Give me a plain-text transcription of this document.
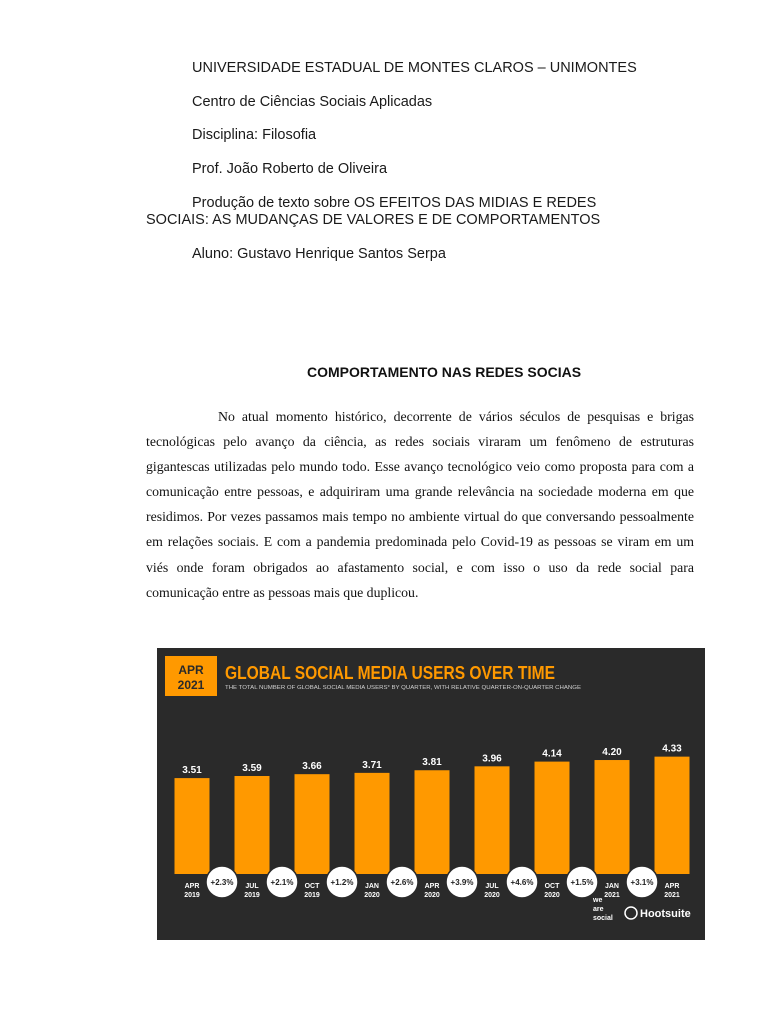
UNIVERSIDADE ESTADUAL DE MONTES CLAROS – UNIMONTES
Centro de Ciências Sociais Aplicadas
Disciplina: Filosofia
Prof. João Roberto de Oliveira
Produção de texto sobre OS EFEITOS DAS MIDIAS E REDES
SOCIAIS: AS MUDANÇAS DE VALORES E DE COMPORTAMENTOS
Aluno: Gustavo Henrique Santos Serpa
COMPORTAMENTO NAS REDES SOCIAS
No atual momento histórico, decorrente de vários séculos de pesquisas e brigas tecnológicas pelo avanço da ciência, as redes sociais viraram um fenômeno de estruturas gigantescas utilizadas pelo mundo todo. Esse avanço tecnológico veio como proposta para com a comunicação entre pessoas, e adquiriram uma grande relevância na sociedade moderna em que residimos. Por vezes passamos mais tempo no ambiente virtual do que conversando pessoalmente em relações sociais. E com a pandemia predominada pelo Covid-19 as pessoas se viram em um viés onde foram obrigados ao afastamento social, e com isso o uso da rede social para comunicação entre as pessoas mais que duplicou.
APR
2021
GLOBAL SOCIAL MEDIA USERS OVER TIME
THE TOTAL NUMBER OF GLOBAL SOCIAL MEDIA USERS* BY QUARTER, WITH RELATIVE QUARTER-ON-QUARTER CHANGE
3.51
APR
2019
3.59
JUL
2019
3.66
OCT
2019
3.71
JAN
2020
3.81
APR
2020
3.96
JUL
2020
4.14
OCT
2020
4.20
JAN
2021
4.33
APR
2021
+2.3%	+2.1%	+1.2%	+2.6%	+3.9%	+4.6%	+1.5%	+3.1%
we
are
social Hootsuite
